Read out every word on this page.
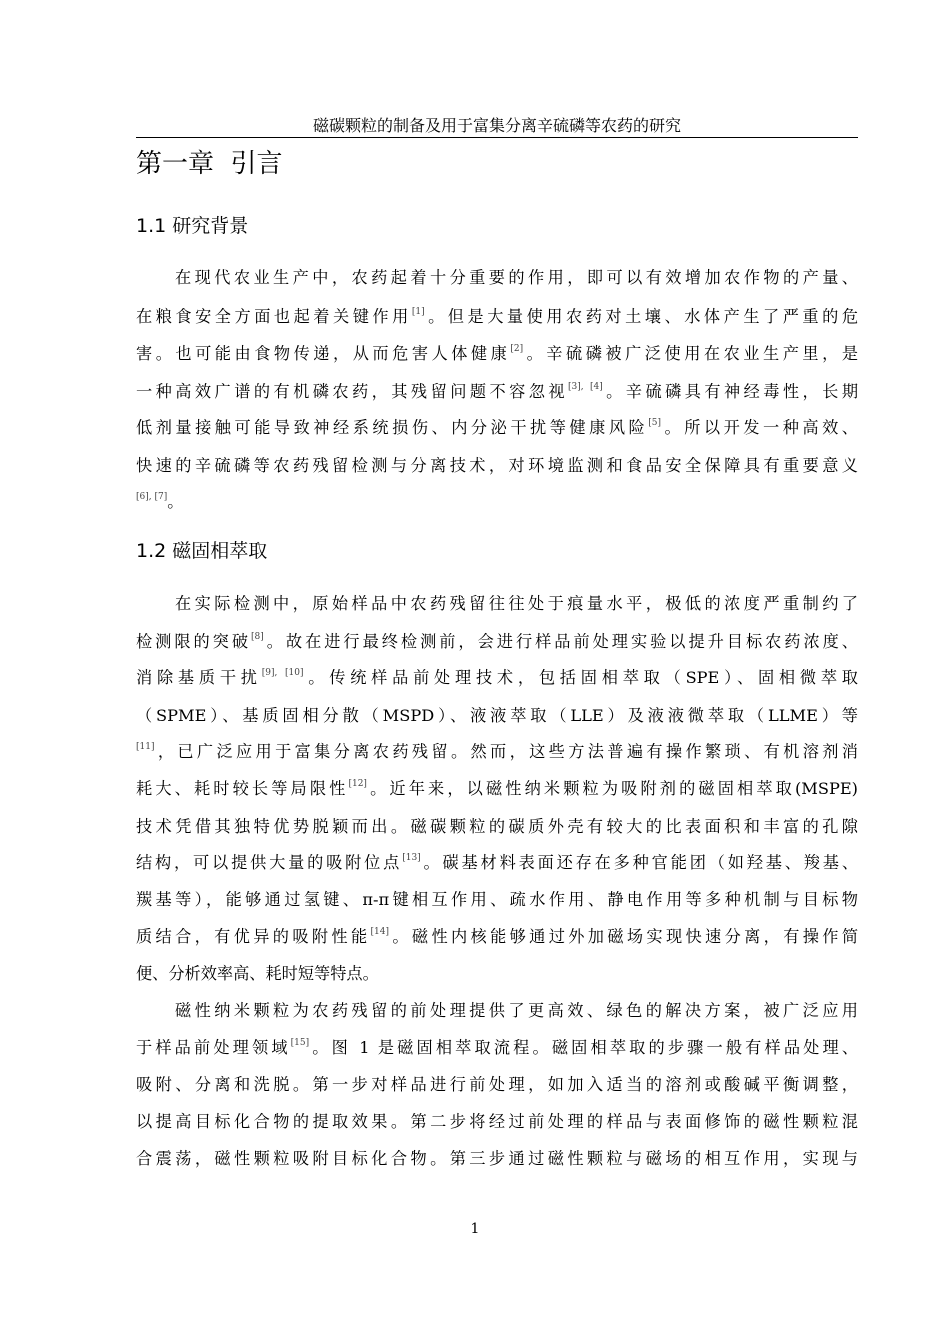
磁碳颗粒的制备及用于富集分离辛硫磷等农药的研究
第一章  引言
1.1 研究背景
在现代农业生产中，农药起着十分重要的作用，即可以有效增加农作物的产量、
在粮食安全方面也起着关键作用[1]。但是大量使用农药对土壤、水体产生了严重的危
害。也可能由食物传递，从而危害人体健康[2]。辛硫磷被广泛使用在农业生产里，是
一种高效广谱的有机磷农药，其残留问题不容忽视[3], [4]。辛硫磷具有神经毒性，长期
低剂量接触可能导致神经系统损伤、内分泌干扰等健康风险[5]。所以开发一种高效、
快速的辛硫磷等农药残留检测与分离技术，对环境监测和食品安全保障具有重要意义
[6], [7]。
1.2 磁固相萃取
在实际检测中，原始样品中农药残留往往处于痕量水平，极低的浓度严重制约了
检测限的突破[8]。故在进行最终检测前，会进行样品前处理实验以提升目标农药浓度、
消除基质干扰[9], [10]。传统样品前处理技术，包括固相萃取（SPE）、固相微萃取
（SPME）、基质固相分散（MSPD）、液液萃取（LLE）及液液微萃取（LLME）等
[11]，已广泛应用于富集分离农药残留。然而，这些方法普遍有操作繁琐、有机溶剂消
耗大、耗时较长等局限性[12]。近年来，以磁性纳米颗粒为吸附剂的磁固相萃取(MSPE)
技术凭借其独特优势脱颖而出。磁碳颗粒的碳质外壳有较大的比表面积和丰富的孔隙
结构，可以提供大量的吸附位点[13]。碳基材料表面还存在多种官能团（如羟基、羧基、
羰基等），能够通过氢键、π-π键相互作用、疏水作用、静电作用等多种机制与目标物
质结合，有优异的吸附性能[14]。磁性内核能够通过外加磁场实现快速分离，有操作简
便、分析效率高、耗时短等特点。
磁性纳米颗粒为农药残留的前处理提供了更高效、绿色的解决方案，被广泛应用
于样品前处理领域[15]。图 1 是磁固相萃取流程。磁固相萃取的步骤一般有样品处理、
吸附、分离和洗脱。第一步对样品进行前处理，如加入适当的溶剂或酸碱平衡调整，
以提高目标化合物的提取效果。第二步将经过前处理的样品与表面修饰的磁性颗粒混
合震荡，磁性颗粒吸附目标化合物。第三步通过磁性颗粒与磁场的相互作用，实现与
1
